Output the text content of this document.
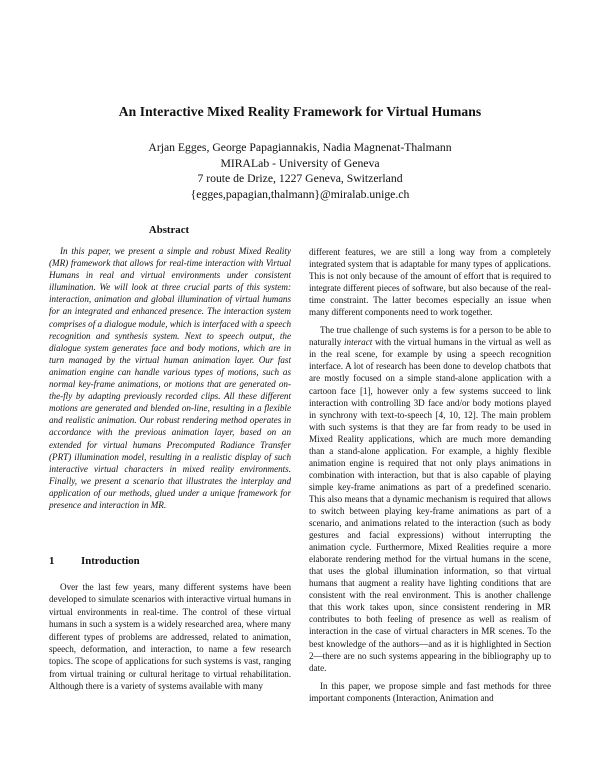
An Interactive Mixed Reality Framework for Virtual Humans
Arjan Egges, George Papagiannakis, Nadia Magnenat-Thalmann
MIRALab - University of Geneva
7 route de Drize, 1227 Geneva, Switzerland
{egges,papagian,thalmann}@miralab.unige.ch
Abstract

In this paper, we present a simple and robust Mixed Reality (MR) framework that allows for real-time interaction with Virtual Humans in real and virtual environments under consistent illumination. We will look at three crucial parts of this system: interaction, animation and global illumination of virtual humans for an integrated and enhanced presence. The interaction system comprises of a dialogue module, which is interfaced with a speech recognition and synthesis system. Next to speech output, the dialogue system generates face and body motions, which are in turn managed by the virtual human animation layer. Our fast animation engine can handle various types of motions, such as normal key-frame animations, or motions that are generated on-the-fly by adapting previously recorded clips. All these different motions are generated and blended on-line, resulting in a flexible and realistic animation. Our robust rendering method operates in accordance with the previous animation layer, based on an extended for virtual humans Precomputed Radiance Transfer (PRT) illumination model, resulting in a realistic display of such interactive virtual characters in mixed reality environments. Finally, we present a scenario that illustrates the interplay and application of our methods, glued under a unique framework for presence and interaction in MR.

1 Introduction

Over the last few years, many different systems have been developed to simulate scenarios with interactive virtual humans in virtual environments in real-time. The control of these virtual humans in such a system is a widely researched area, where many different types of problems are addressed, related to animation, speech, deformation, and interaction, to name a few research topics. The scope of applications for such systems is vast, ranging from virtual training or cultural heritage to virtual rehabilitation. Although there is a variety of systems available with many

different features, we are still a long way from a completely integrated system that is adaptable for many types of applications. This is not only because of the amount of effort that is required to integrate different pieces of software, but also because of the real-time constraint. The latter becomes especially an issue when many different components need to work together.

The true challenge of such systems is for a person to be able to naturally interact with the virtual humans in the virtual as well as in the real scene, for example by using a speech recognition interface. A lot of research has been done to develop chatbots that are mostly focused on a simple stand-alone application with a cartoon face [1], however only a few systems succeed to link interaction with controlling 3D face and/or body motions played in synchrony with text-to-speech [4, 10, 12]. The main problem with such systems is that they are far from ready to be used in Mixed Reality applications, which are much more demanding than a stand-alone application. For example, a highly flexible animation engine is required that not only plays animations in combination with interaction, but that is also capable of playing simple key-frame animations as part of a predefined scenario. This also means that a dynamic mechanism is required that allows to switch between playing key-frame animations as part of a scenario, and animations related to the interaction (such as body gestures and facial expressions) without interrupting the animation cycle. Furthermore, Mixed Realities require a more elaborate rendering method for the virtual humans in the scene, that uses the global illumination information, so that virtual humans that augment a reality have lighting conditions that are consistent with the real environment. This is another challenge that this work takes upon, since consistent rendering in MR contributes to both feeling of presence as well as realism of interaction in the case of virtual characters in MR scenes. To the best knowledge of the authors—and as it is highlighted in Section 2—there are no such systems appearing in the bibliography up to date.

In this paper, we propose simple and fast methods for three important components (Interaction, Animation and
